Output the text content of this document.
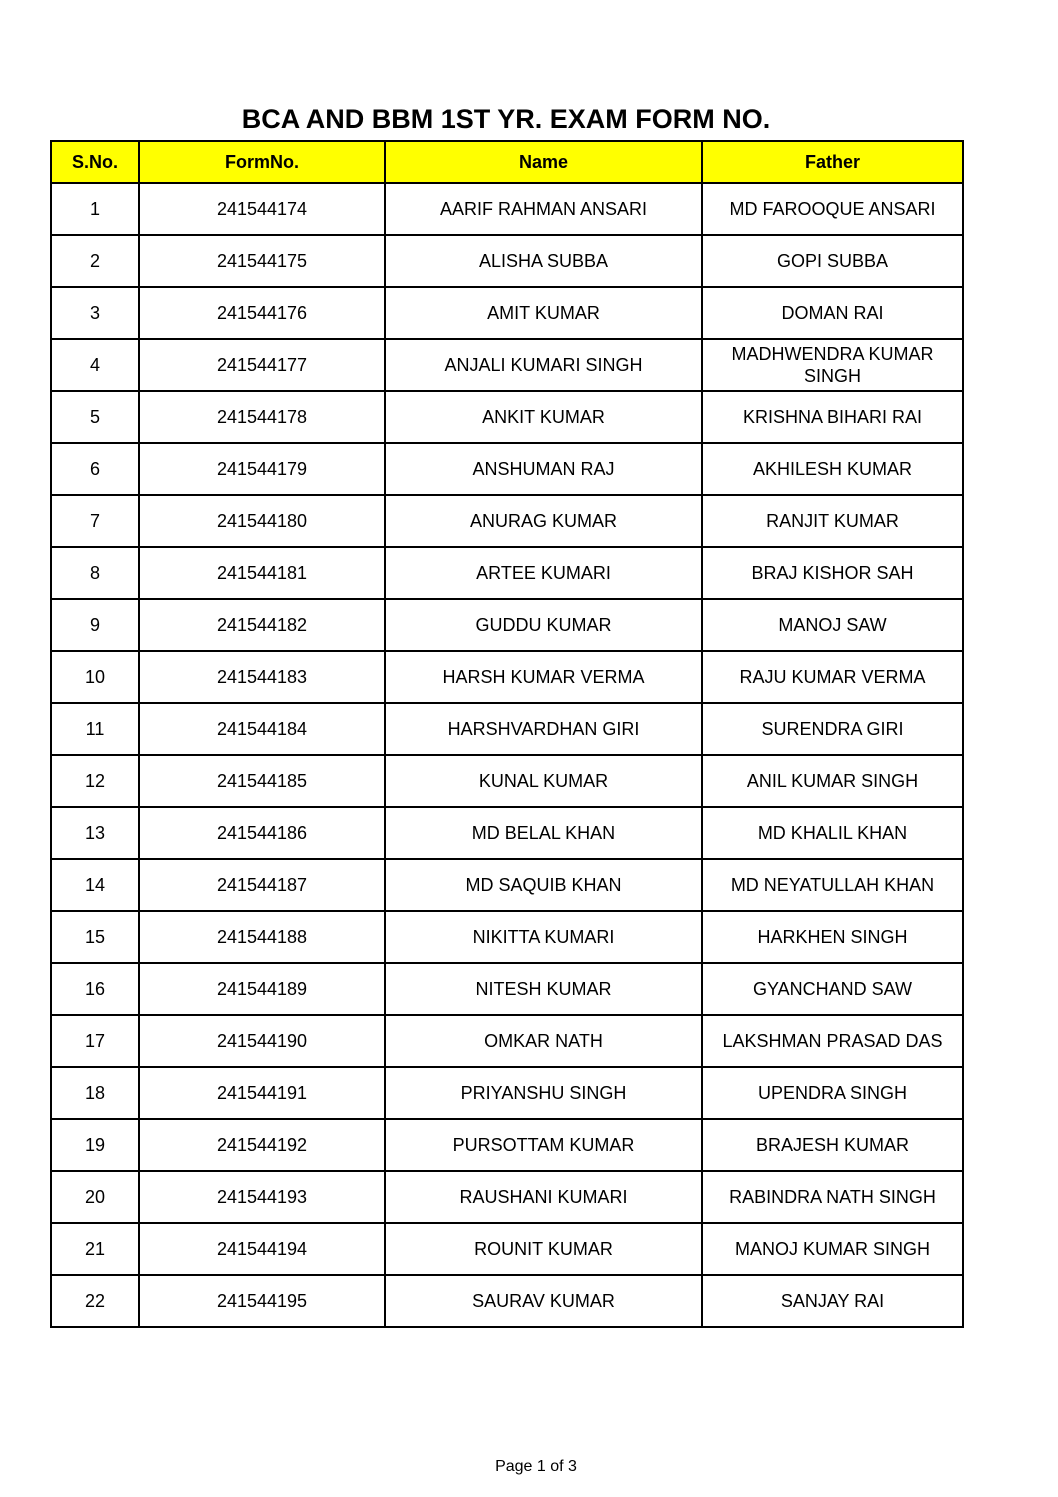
BCA AND BBM 1ST YR. EXAM FORM NO.
S.No.	FormNo.	Name	Father
1	241544174	AARIF RAHMAN ANSARI	MD FAROOQUE ANSARI
2	241544175	ALISHA SUBBA	GOPI SUBBA
3	241544176	AMIT KUMAR	DOMAN RAI
4	241544177	ANJALI KUMARI SINGH	MADHWENDRA KUMAR SINGH
5	241544178	ANKIT KUMAR	KRISHNA BIHARI RAI
6	241544179	ANSHUMAN RAJ	AKHILESH KUMAR
7	241544180	ANURAG KUMAR	RANJIT KUMAR
8	241544181	ARTEE KUMARI	BRAJ KISHOR SAH
9	241544182	GUDDU KUMAR	MANOJ SAW
10	241544183	HARSH KUMAR VERMA	RAJU KUMAR VERMA
11	241544184	HARSHVARDHAN GIRI	SURENDRA GIRI
12	241544185	KUNAL KUMAR	ANIL KUMAR SINGH
13	241544186	MD BELAL KHAN	MD KHALIL KHAN
14	241544187	MD SAQUIB KHAN	MD NEYATULLAH KHAN
15	241544188	NIKITTA KUMARI	HARKHEN SINGH
16	241544189	NITESH KUMAR	GYANCHAND SAW
17	241544190	OMKAR NATH	LAKSHMAN PRASAD DAS
18	241544191	PRIYANSHU SINGH	UPENDRA SINGH
19	241544192	PURSOTTAM KUMAR	BRAJESH KUMAR
20	241544193	RAUSHANI KUMARI	RABINDRA NATH SINGH
21	241544194	ROUNIT KUMAR	MANOJ KUMAR SINGH
22	241544195	SAURAV KUMAR	SANJAY RAI
Page 1 of 3
